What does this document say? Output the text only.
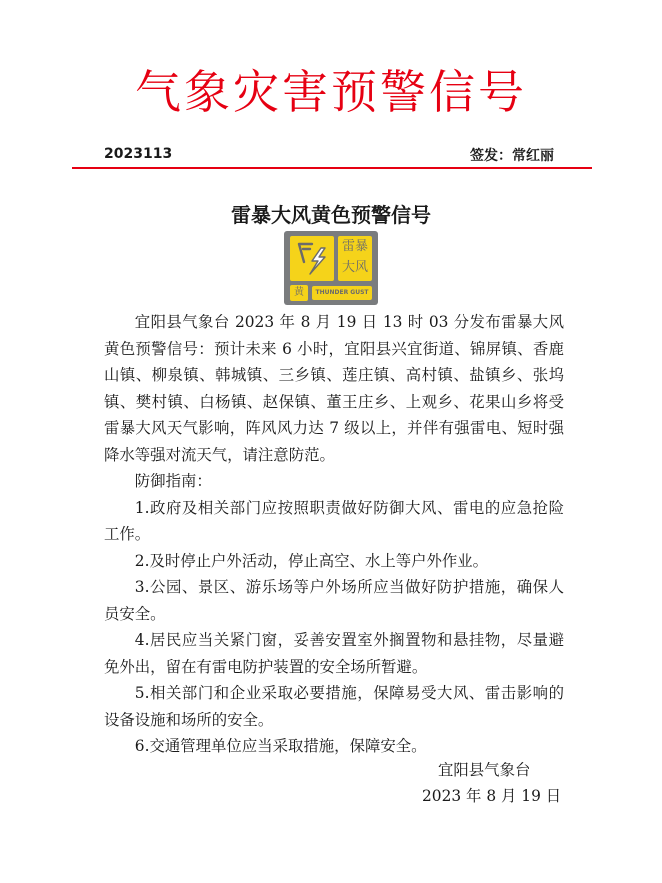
气象灾害预警信号
2023113	签发：常红丽
雷暴大风黄色预警信号
雷暴
大风
黄	THUNDER GUST

宜阳县气象台 2023 年 8 月 19 日 13 时 03 分发布雷暴大风黄色预警信号：预计未来 6 小时，宜阳县兴宜街道、锦屏镇、香鹿山镇、柳泉镇、韩城镇、三乡镇、莲庄镇、高村镇、盐镇乡、张坞镇、樊村镇、白杨镇、赵保镇、董王庄乡、上观乡、花果山乡将受雷暴大风天气影响，阵风风力达 7 级以上，并伴有强雷电、短时强降水等强对流天气，请注意防范。

防御指南：

1.政府及相关部门应按照职责做好防御大风、雷电的应急抢险工作。

2.及时停止户外活动，停止高空、水上等户外作业。

3.公园、景区、游乐场等户外场所应当做好防护措施，确保人员安全。

4.居民应当关紧门窗，妥善安置室外搁置物和悬挂物，尽量避免外出，留在有雷电防护装置的安全场所暂避。

5.相关部门和企业采取必要措施，保障易受大风、雷击影响的设备设施和场所的安全。

6.交通管理单位应当采取措施，保障安全。

宜阳县气象台
2023 年 8 月 19 日
